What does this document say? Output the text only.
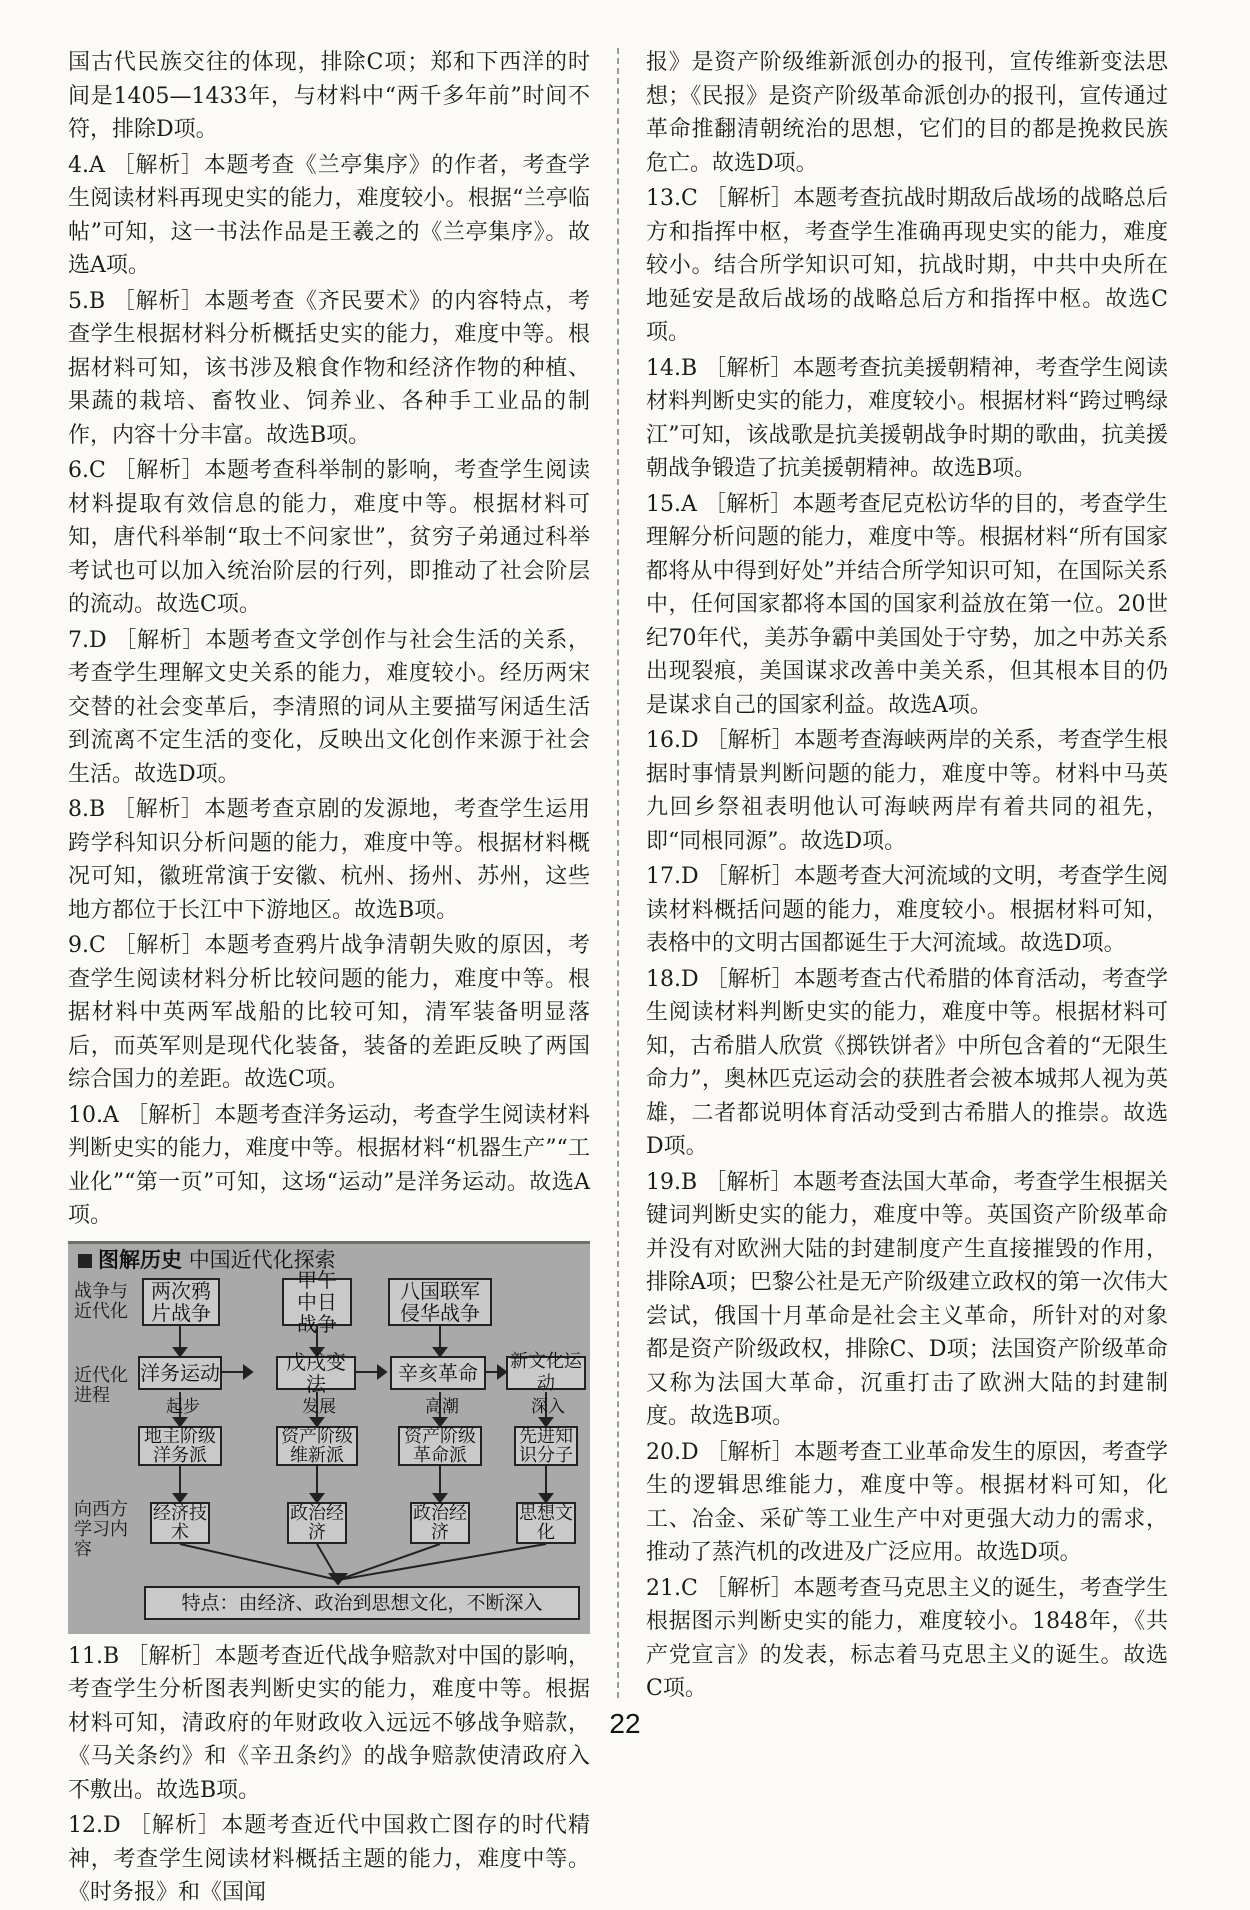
国古代民族交往的体现，排除C项；郑和下西洋的时间是1405—1433年，与材料中“两千多年前”时间不符，排除D项。

4.A ［解析］本题考查《兰亭集序》的作者，考查学生阅读材料再现史实的能力，难度较小。根据“兰亭临帖”可知，这一书法作品是王羲之的《兰亭集序》。故选A项。

5.B ［解析］本题考查《齐民要术》的内容特点，考查学生根据材料分析概括史实的能力，难度中等。根据材料可知，该书涉及粮食作物和经济作物的种植、果蔬的栽培、畜牧业、饲养业、各种手工业品的制作，内容十分丰富。故选B项。

6.C ［解析］本题考查科举制的影响，考查学生阅读材料提取有效信息的能力，难度中等。根据材料可知，唐代科举制“取士不问家世”，贫穷子弟通过科举考试也可以加入统治阶层的行列，即推动了社会阶层的流动。故选C项。

7.D ［解析］本题考查文学创作与社会生活的关系，考查学生理解文史关系的能力，难度较小。经历两宋交替的社会变革后，李清照的词从主要描写闲适生活到流离不定生活的变化，反映出文化创作来源于社会生活。故选D项。

8.B ［解析］本题考查京剧的发源地，考查学生运用跨学科知识分析问题的能力，难度中等。根据材料概况可知，徽班常演于安徽、杭州、扬州、苏州，这些地方都位于长江中下游地区。故选B项。

9.C ［解析］本题考查鸦片战争清朝失败的原因，考查学生阅读材料分析比较问题的能力，难度中等。根据材料中英两军战船的比较可知，清军装备明显落后，而英军则是现代化装备，装备的差距反映了两国综合国力的差距。故选C项。

10.A ［解析］本题考查洋务运动，考查学生阅读材料判断史实的能力，难度中等。根据材料“机器生产”“工业化”“第一页”可知，这场“运动”是洋务运动。故选A项。

图解历史 中国近代化探索
战争与
近代化
近代化
进程
向西方
学习内
容
两次鸦片战争
甲午中日战争
八国联军侵华战争
洋务运动	戊戌变法	辛亥革命 新文化运动
起步	发展	高潮	深入
地主阶级洋务派
资产阶级维新派
资产阶级革命派
先进知识分子
经济技术
政治经济
政治经济
思想文化
特点：由经济、政治到思想文化，不断深入

11.B ［解析］本题考查近代战争赔款对中国的影响，考查学生分析图表判断史实的能力，难度中等。根据材料可知，清政府的年财政收入远远不够战争赔款，《马关条约》和《辛丑条约》的战争赔款使清政府入不敷出。故选B项。

12.D ［解析］本题考查近代中国救亡图存的时代精神，考查学生阅读材料概括主题的能力，难度中等。《时务报》和《国闻

报》是资产阶级维新派创办的报刊，宣传维新变法思想；《民报》是资产阶级革命派创办的报刊，宣传通过革命推翻清朝统治的思想，它们的目的都是挽救民族危亡。故选D项。

13.C ［解析］本题考查抗战时期敌后战场的战略总后方和指挥中枢，考查学生准确再现史实的能力，难度较小。结合所学知识可知，抗战时期，中共中央所在地延安是敌后战场的战略总后方和指挥中枢。故选C项。

14.B ［解析］本题考查抗美援朝精神，考查学生阅读材料判断史实的能力，难度较小。根据材料“跨过鸭绿江”可知，该战歌是抗美援朝战争时期的歌曲，抗美援朝战争锻造了抗美援朝精神。故选B项。

15.A ［解析］本题考查尼克松访华的目的，考查学生理解分析问题的能力，难度中等。根据材料“所有国家都将从中得到好处”并结合所学知识可知，在国际关系中，任何国家都将本国的国家利益放在第一位。20世纪70年代，美苏争霸中美国处于守势，加之中苏关系出现裂痕，美国谋求改善中美关系，但其根本目的仍是谋求自己的国家利益。故选A项。

16.D ［解析］本题考查海峡两岸的关系，考查学生根据时事情景判断问题的能力，难度中等。材料中马英九回乡祭祖表明他认可海峡两岸有着共同的祖先，即“同根同源”。故选D项。

17.D ［解析］本题考查大河流域的文明，考查学生阅读材料概括问题的能力，难度较小。根据材料可知，表格中的文明古国都诞生于大河流域。故选D项。

18.D ［解析］本题考查古代希腊的体育活动，考查学生阅读材料判断史实的能力，难度中等。根据材料可知，古希腊人欣赏《掷铁饼者》中所包含着的“无限生命力”，奥林匹克运动会的获胜者会被本城邦人视为英雄，二者都说明体育活动受到古希腊人的推崇。故选D项。

19.B ［解析］本题考查法国大革命，考查学生根据关键词判断史实的能力，难度中等。英国资产阶级革命并没有对欧洲大陆的封建制度产生直接摧毁的作用，排除A项；巴黎公社是无产阶级建立政权的第一次伟大尝试，俄国十月革命是社会主义革命，所针对的对象都是资产阶级政权，排除C、D项；法国资产阶级革命又称为法国大革命，沉重打击了欧洲大陆的封建制度。故选B项。

20.D ［解析］本题考查工业革命发生的原因，考查学生的逻辑思维能力，难度中等。根据材料可知，化工、冶金、采矿等工业生产中对更强大动力的需求，推动了蒸汽机的改进及广泛应用。故选D项。

21.C ［解析］本题考查马克思主义的诞生，考查学生根据图示判断史实的能力，难度较小。1848年，《共产党宣言》的发表，标志着马克思主义的诞生。故选C项。

22
